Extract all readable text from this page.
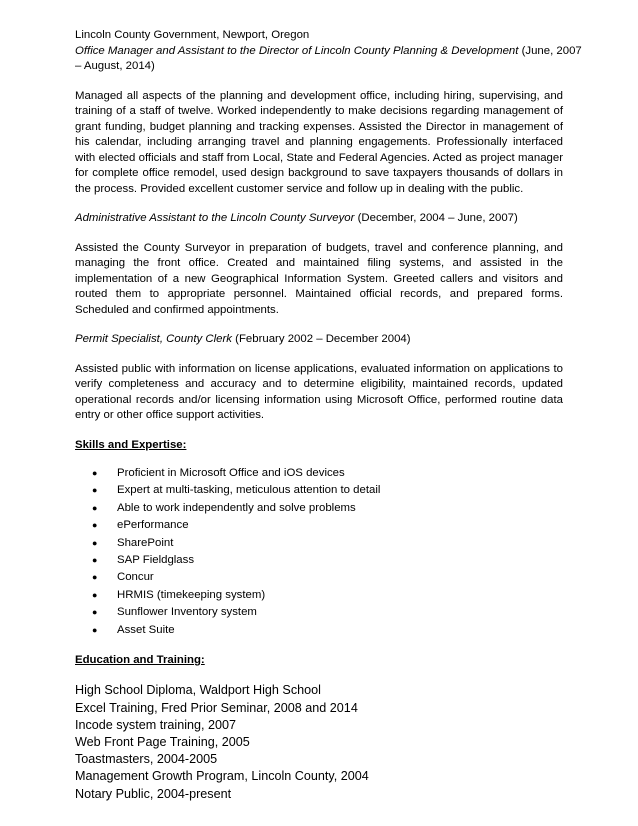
Lincoln County Government, Newport, Oregon
Office Manager and Assistant to the Director of Lincoln County Planning & Development (June, 2007
– August, 2014)
Managed all aspects of the planning and development office, including hiring, supervising, and training of a staff of twelve. Worked independently to make decisions regarding management of grant funding, budget planning and tracking expenses. Assisted the Director in management of his calendar, including arranging travel and planning engagements. Professionally interfaced with elected officials and staff from Local, State and Federal Agencies. Acted as project manager for complete office remodel, used design background to save taxpayers thousands of dollars in the process. Provided excellent customer service and follow up in dealing with the public.
Administrative Assistant to the Lincoln County Surveyor (December, 2004 – June, 2007)
Assisted the County Surveyor in preparation of budgets, travel and conference planning, and managing the front office. Created and maintained filing systems, and assisted in the implementation of a new Geographical Information System. Greeted callers and visitors and routed them to appropriate personnel. Maintained official records, and prepared forms. Scheduled and confirmed appointments.
Permit Specialist, County Clerk (February 2002 – December 2004)
Assisted public with information on license applications, evaluated information on applications to verify completeness and accuracy and to determine eligibility, maintained records, updated operational records and/or licensing information using Microsoft Office, performed routine data entry or other office support activities.
Skills and Expertise:
● Proficient in Microsoft Office and iOS devices
● Expert at multi-tasking, meticulous attention to detail
● Able to work independently and solve problems
● ePerformance
● SharePoint
● SAP Fieldglass
● Concur
● HRMIS (timekeeping system)
● Sunflower Inventory system
● Asset Suite
Education and Training:
High School Diploma, Waldport High School
Excel Training, Fred Prior Seminar, 2008 and 2014
Incode system training, 2007
Web Front Page Training, 2005
Toastmasters, 2004-2005
Management Growth Program, Lincoln County, 2004
Notary Public, 2004-present
